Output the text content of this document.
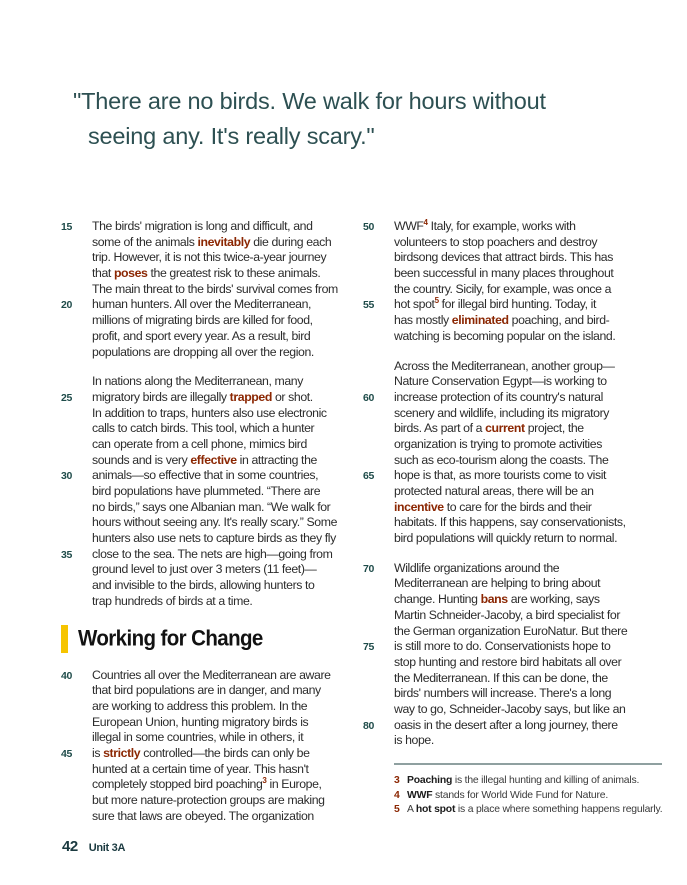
"There are no birds. We walk for hours without
seeing any. It's really scary."
15	The birds' migration is long and difficult, and
some of the animals inevitably die during each
trip. However, it is not this twice-a-year journey
that poses the greatest risk to these animals.
The main threat to the birds' survival comes from
20	human hunters. All over the Mediterranean,
millions of migrating birds are killed for food,
profit, and sport every year. As a result, bird
populations are dropping all over the region.
In nations along the Mediterranean, many
25	migratory birds are illegally trapped or shot.
In addition to traps, hunters also use electronic
calls to catch birds. This tool, which a hunter
can operate from a cell phone, mimics bird
sounds and is very effective in attracting the
30	animals—so effective that in some countries,
bird populations have plummeted. “There are
no birds,” says one Albanian man. “We walk for
hours without seeing any. It's really scary.” Some
hunters also use nets to capture birds as they fly
35	close to the sea. The nets are high—going from
ground level to just over 3 meters (11 feet)—
and invisible to the birds, allowing hunters to
trap hundreds of birds at a time.
Working for Change
40	Countries all over the Mediterranean are aware
that bird populations are in danger, and many
are working to address this problem. In the
European Union, hunting migratory birds is
illegal in some countries, while in others, it
45	is strictly controlled—the birds can only be
hunted at a certain time of year. This hasn't
completely stopped bird poaching$^3$ in Europe,
but more nature-protection groups are making
sure that laws are obeyed. The organization
50	WWF$^4$ Italy, for example, works with
volunteers to stop poachers and destroy
birdsong devices that attract birds. This has
been successful in many places throughout
the country. Sicily, for example, was once a
55	hot spot$^5$ for illegal bird hunting. Today, it
has mostly eliminated poaching, and bird-
watching is becoming popular on the island.
Across the Mediterranean, another group—
Nature Conservation Egypt—is working to
60	increase protection of its country's natural
scenery and wildlife, including its migratory
birds. As part of a current project, the
organization is trying to promote activities
such as eco-tourism along the coasts. The
65	hope is that, as more tourists come to visit
protected natural areas, there will be an
incentive to care for the birds and their
habitats. If this happens, say conservationists,
bird populations will quickly return to normal.
70	Wildlife organizations around the
Mediterranean are helping to bring about
change. Hunting bans are working, says
Martin Schneider-Jacoby, a bird specialist for
the German organization EuroNatur. But there
75	is still more to do. Conservationists hope to
stop hunting and restore bird habitats all over
the Mediterranean. If this can be done, the
birds' numbers will increase. There's a long
way to go, Schneider-Jacoby says, but like an
80	oasis in the desert after a long journey, there
is hope.
3 Poaching is the illegal hunting and killing of animals.
4 WWF stands for World Wide Fund for Nature.
5 A hot spot is a place where something happens regularly.
42 Unit 3A
